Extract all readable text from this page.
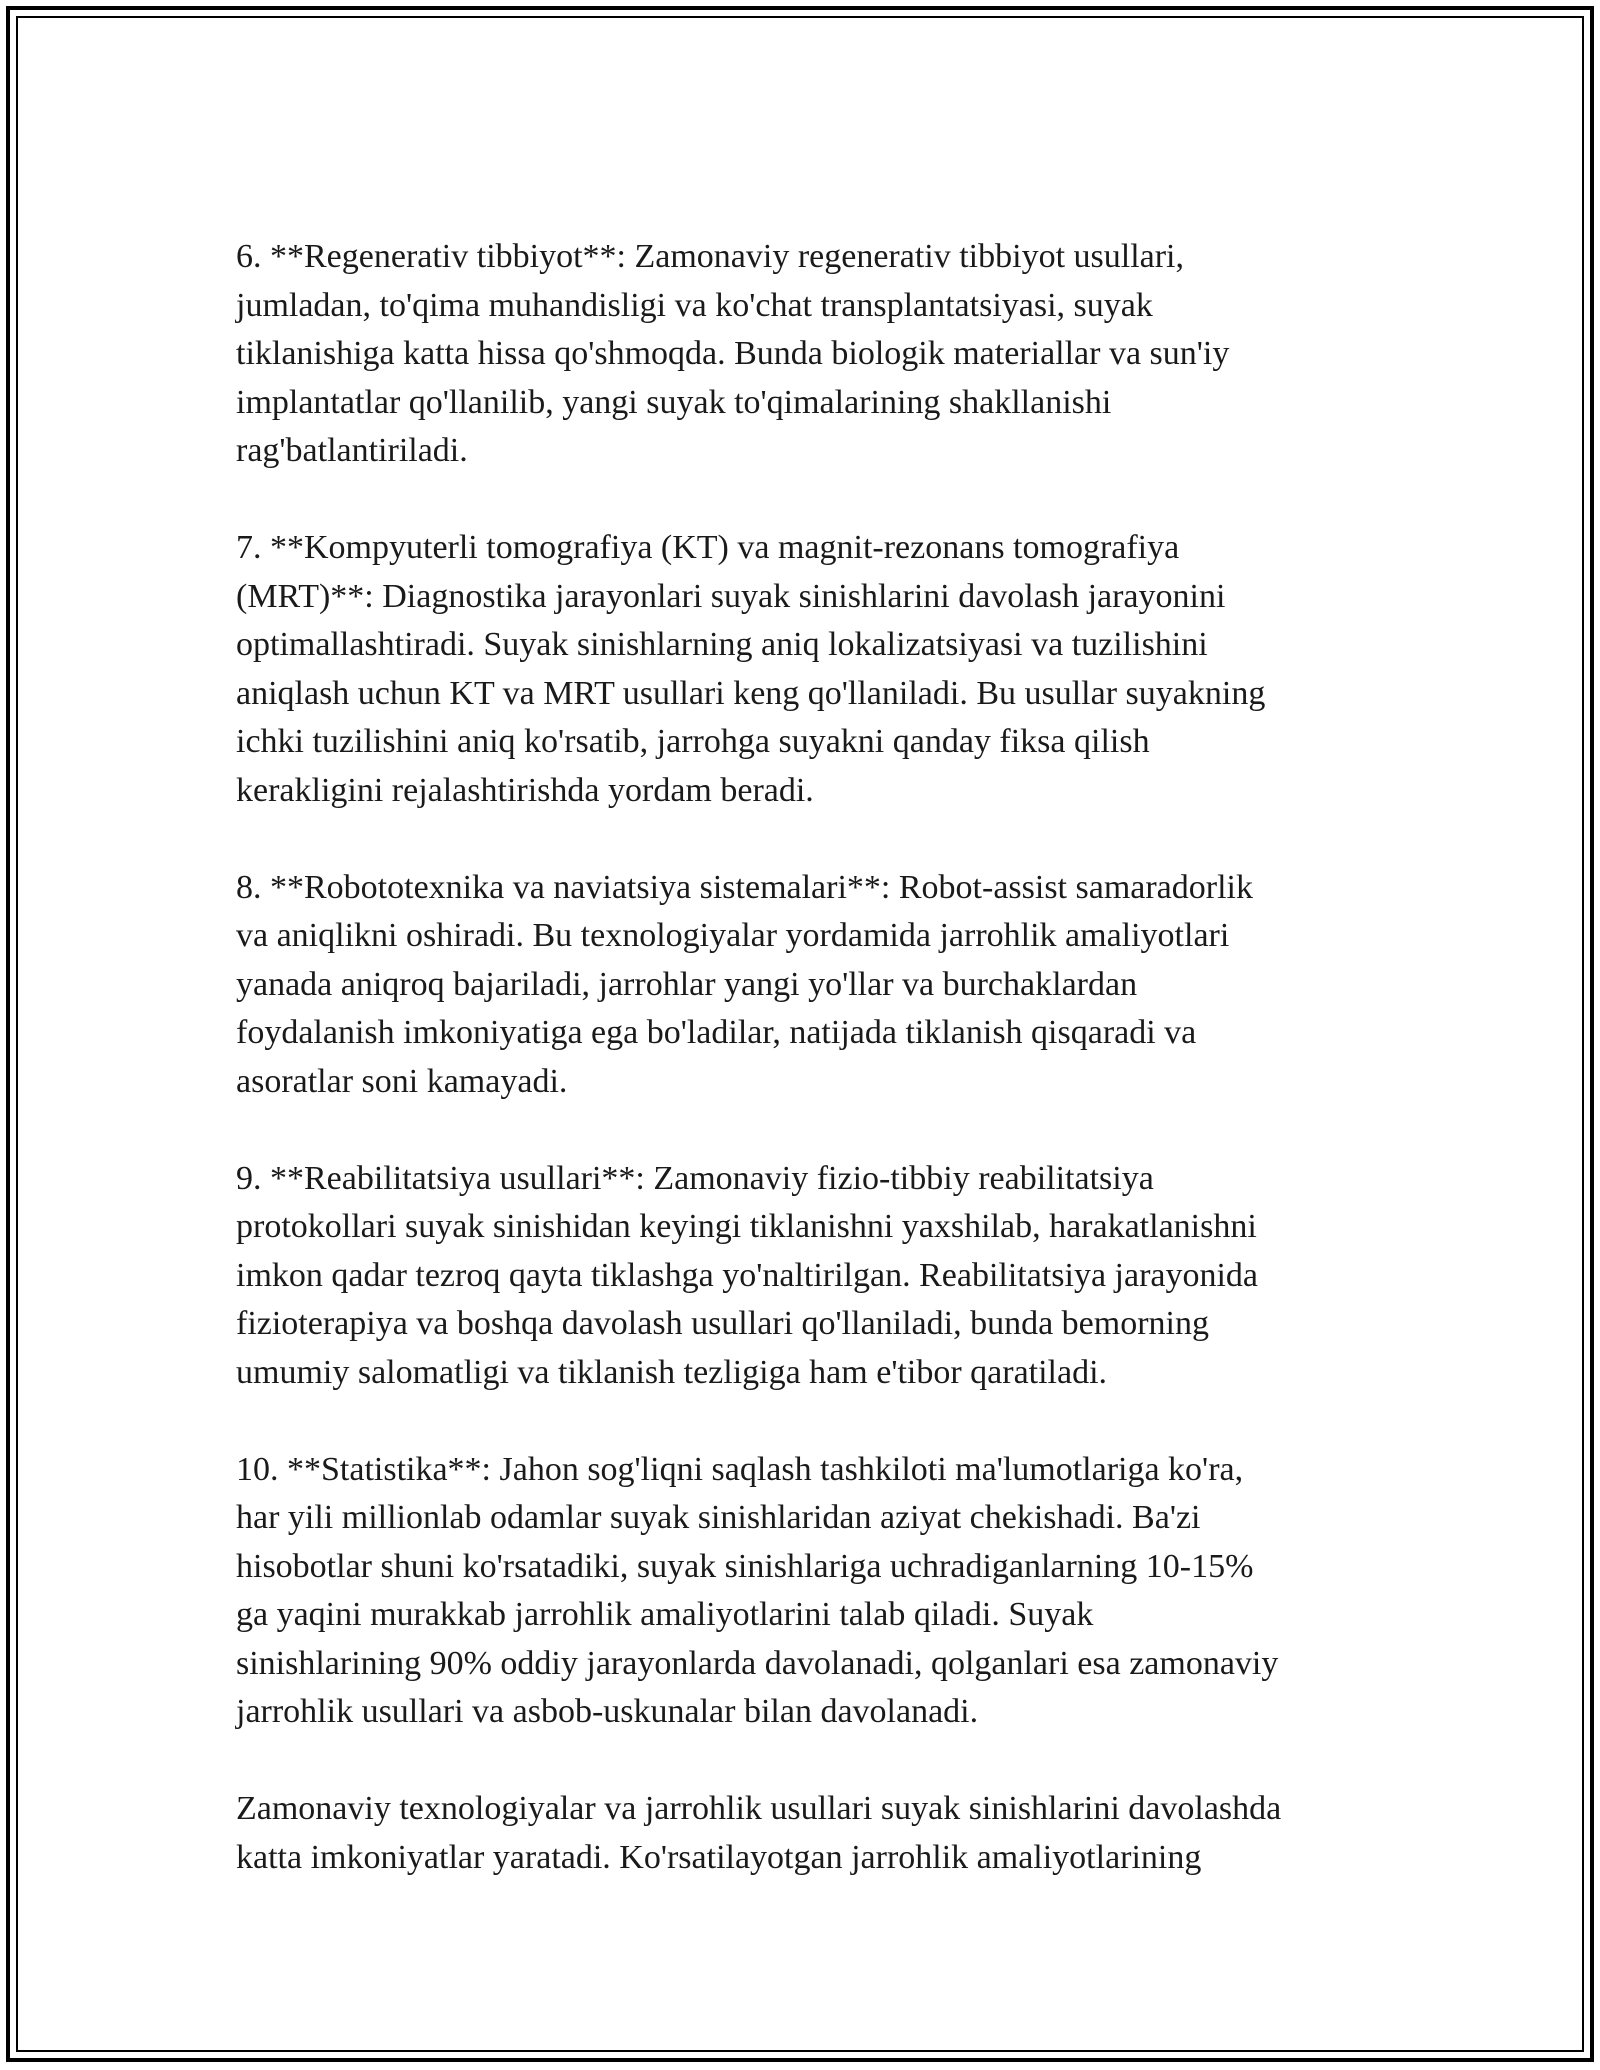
6. **Regenerativ tibbiyot**: Zamonaviy regenerativ tibbiyot usullari,
jumladan, to'qima muhandisligi va ko'chat transplantatsiyasi, suyak
tiklanishiga katta hissa qo'shmoqda. Bunda biologik materiallar va sun'iy
implantatlar qo'llanilib, yangi suyak to'qimalarining shakllanishi
rag'batlantiriladi.

7. **Kompyuterli tomografiya (KT) va magnit-rezonans tomografiya
(MRT)**: Diagnostika jarayonlari suyak sinishlarini davolash jarayonini
optimallashtiradi. Suyak sinishlarning aniq lokalizatsiyasi va tuzilishini
aniqlash uchun KT va MRT usullari keng qo'llaniladi. Bu usullar suyakning
ichki tuzilishini aniq ko'rsatib, jarrohga suyakni qanday fiksa qilish
kerakligini rejalashtirishda yordam beradi.

8. **Robototexnika va naviatsiya sistemalari**: Robot-assist samaradorlik
va aniqlikni oshiradi. Bu texnologiyalar yordamida jarrohlik amaliyotlari
yanada aniqroq bajariladi, jarrohlar yangi yo'llar va burchaklardan
foydalanish imkoniyatiga ega bo'ladilar, natijada tiklanish qisqaradi va
asoratlar soni kamayadi.

9. **Reabilitatsiya usullari**: Zamonaviy fizio-tibbiy reabilitatsiya
protokollari suyak sinishidan keyingi tiklanishni yaxshilab, harakatlanishni
imkon qadar tezroq qayta tiklashga yo'naltirilgan. Reabilitatsiya jarayonida
fizioterapiya va boshqa davolash usullari qo'llaniladi, bunda bemorning
umumiy salomatligi va tiklanish tezligiga ham e'tibor qaratiladi.

10. **Statistika**: Jahon sog'liqni saqlash tashkiloti ma'lumotlariga ko'ra,
har yili millionlab odamlar suyak sinishlaridan aziyat chekishadi. Ba'zi
hisobotlar shuni ko'rsatadiki, suyak sinishlariga uchradiganlarning 10-15%
ga yaqini murakkab jarrohlik amaliyotlarini talab qiladi. Suyak
sinishlarining 90% oddiy jarayonlarda davolanadi, qolganlari esa zamonaviy
jarrohlik usullari va asbob-uskunalar bilan davolanadi.

Zamonaviy texnologiyalar va jarrohlik usullari suyak sinishlarini davolashda
katta imkoniyatlar yaratadi. Ko'rsatilayotgan jarrohlik amaliyotlarining
